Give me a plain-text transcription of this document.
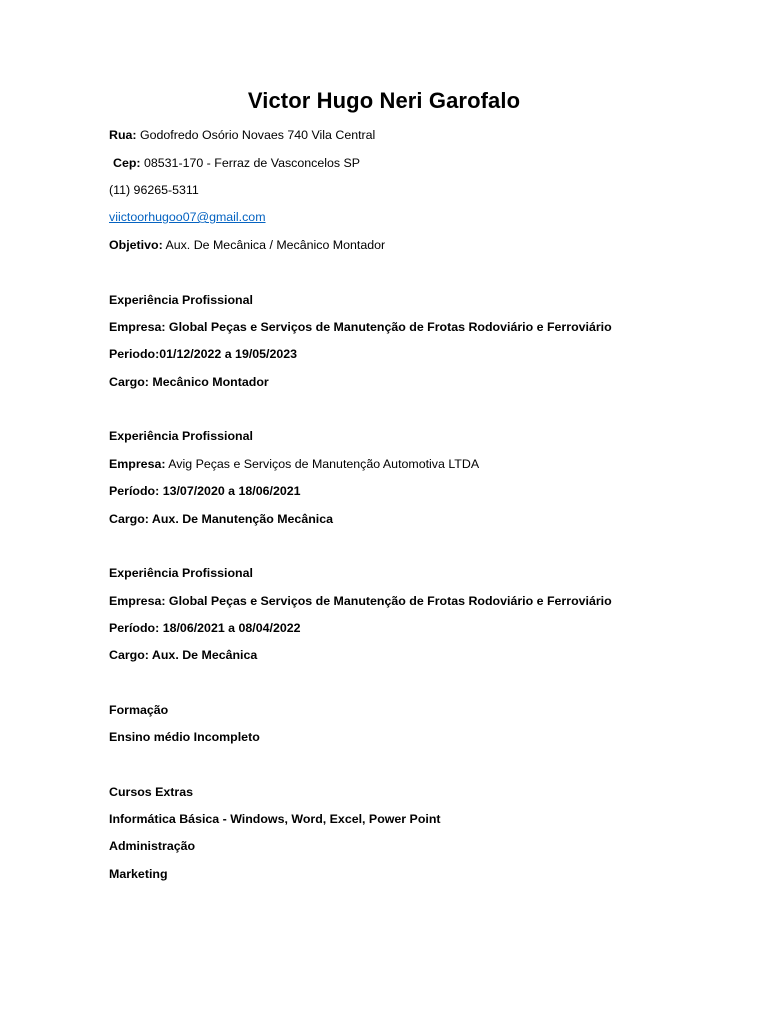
Victor Hugo Neri Garofalo
Rua: Godofredo Osório Novaes 740 Vila Central
Cep: 08531-170 - Ferraz de Vasconcelos SP
(11) 96265-5311
viictoorhugoo07@gmail.com
Objetivo: Aux. De Mecânica / Mecânico Montador
Experiência Profissional
Empresa: Global Peças e Serviços de Manutenção de Frotas Rodoviário e Ferroviário
Periodo:01/12/2022 a 19/05/2023
Cargo: Mecânico Montador
Experiência Profissional
Empresa: Avig Peças e Serviços de Manutenção Automotiva LTDA
Período: 13/07/2020 a 18/06/2021
Cargo: Aux. De Manutenção Mecânica
Experiência Profissional
Empresa: Global Peças e Serviços de Manutenção de Frotas Rodoviário e Ferroviário
Período: 18/06/2021 a 08/04/2022
Cargo: Aux. De Mecânica
Formação
Ensino médio Incompleto
Cursos Extras
Informática Básica - Windows, Word, Excel, Power Point
Administração
Marketing
